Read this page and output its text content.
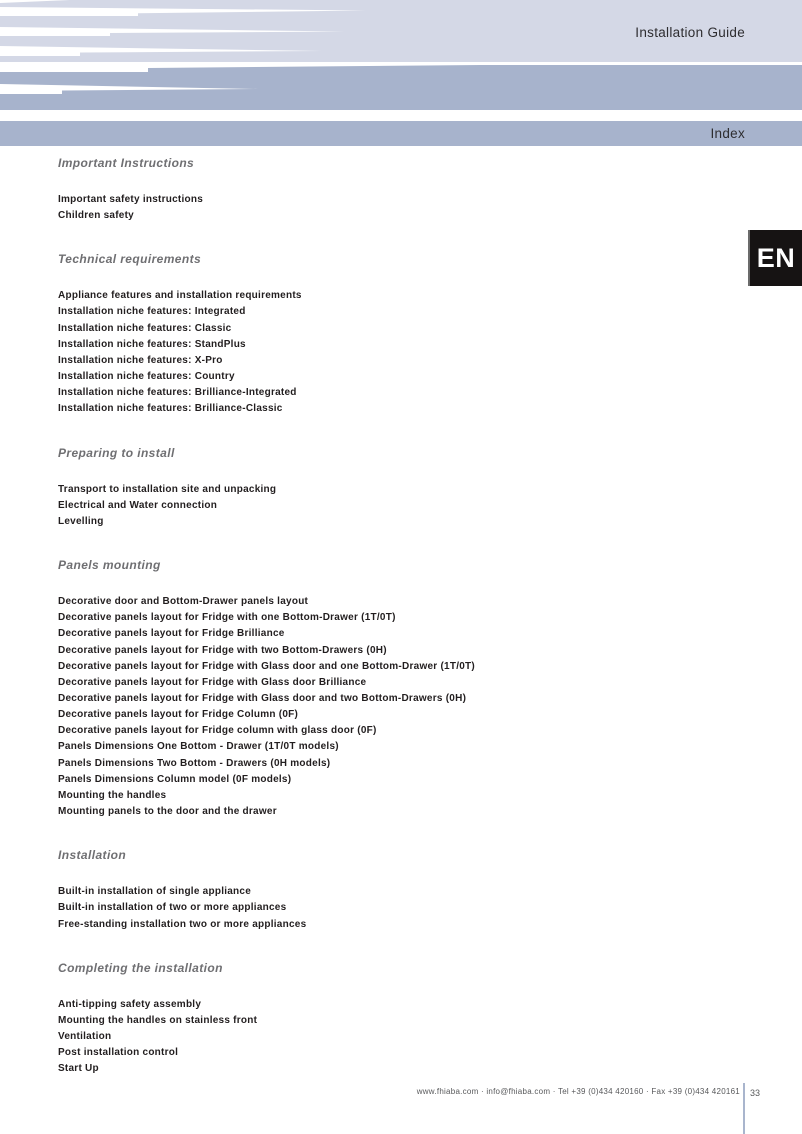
Installation Guide
Index
EN
Important Instructions
Important safety instructions
Children safety
Technical requirements
Appliance features and installation requirements
Installation niche features: Integrated
Installation niche features: Classic
Installation niche features: StandPlus
Installation niche features: X-Pro
Installation niche features: Country
Installation niche features: Brilliance-Integrated
Installation niche features: Brilliance-Classic
Preparing to install
Transport to installation site and unpacking
Electrical and Water connection
Levelling
Panels mounting
Decorative door and Bottom-Drawer panels layout
Decorative panels layout for Fridge with one Bottom-Drawer (1T/0T)
Decorative panels layout for Fridge Brilliance
Decorative panels layout for Fridge with two Bottom-Drawers (0H)
Decorative panels layout for Fridge with Glass door and one Bottom-Drawer (1T/0T)
Decorative panels layout for Fridge with Glass door Brilliance
Decorative panels layout for Fridge with Glass door and two Bottom-Drawers (0H)
Decorative panels layout for Fridge Column (0F)
Decorative panels layout for Fridge column with glass door (0F)
Panels Dimensions One Bottom - Drawer (1T/0T models)
Panels Dimensions Two Bottom - Drawers (0H models)
Panels Dimensions Column model (0F models)
Mounting the handles
Mounting panels to the door and the drawer
Installation
Built-in installation of single appliance
Built-in installation of two or more appliances
Free-standing installation two or more appliances
Completing the installation
Anti-tipping safety assembly
Mounting the handles on stainless front
Ventilation
Post installation control
Start Up
www.fhiaba.com · info@fhiaba.com · Tel +39 (0)434 420160 · Fax +39 (0)434 420161 33
